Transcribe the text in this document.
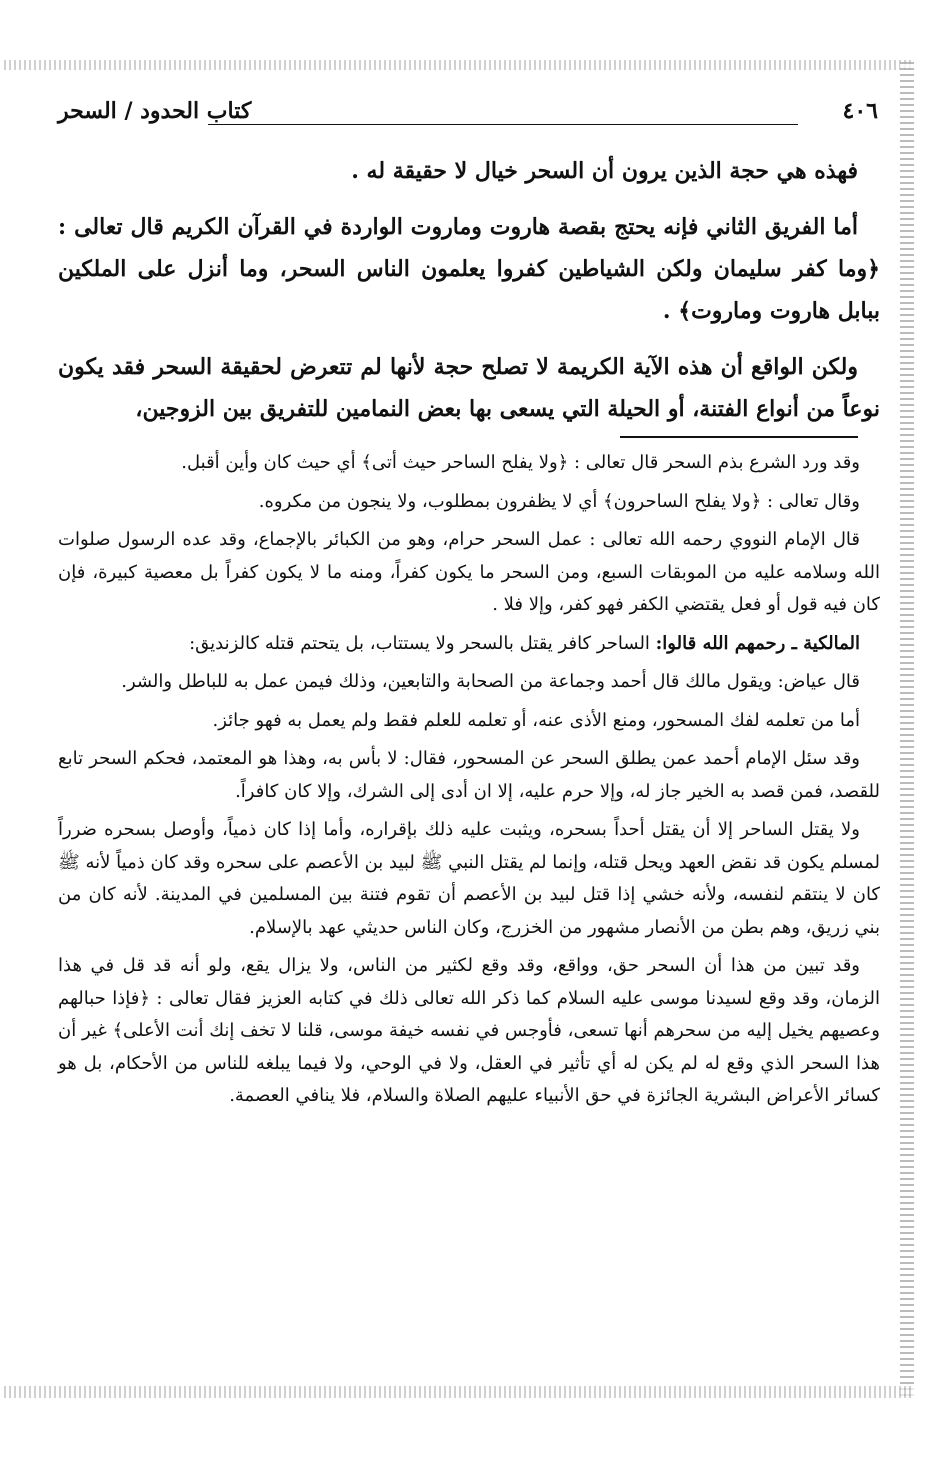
٤٠٦
كتاب الحدود / السحر

فهذه هي حجة الذين يرون أن السحر خيال لا حقيقة له .

أما الفريق الثاني فإنه يحتج بقصة هاروت وماروت الواردة في القرآن الكريم قال تعالى : ﴿وما كفر سليمان ولكن الشياطين كفروا يعلمون الناس السحر، وما أنزل على الملكين ببابل هاروت وماروت﴾ .

ولكن الواقع أن هذه الآية الكريمة لا تصلح حجة لأنها لم تتعرض لحقيقة السحر فقد يكون نوعاً من أنواع الفتنة، أو الحيلة التي يسعى بها بعض النمامين للتفريق بين الزوجين،

وقد ورد الشرع بذم السحر قال تعالى : ﴿ولا يفلح الساحر حيث أتى﴾ أي حيث كان وأين أقبل.

وقال تعالى : ﴿ولا يفلح الساحرون﴾ أي لا يظفرون بمطلوب، ولا ينجون من مكروه.

قال الإمام النووي رحمه الله تعالى : عمل السحر حرام، وهو من الكبائر بالإجماع، وقد عده الرسول صلوات الله وسلامه عليه من الموبقات السبع، ومن السحر ما يكون كفراً، ومنه ما لا يكون كفراً بل معصية كبيرة، فإن كان فيه قول أو فعل يقتضي الكفر فهو كفر، وإلا فلا .

المالكية ـ رحمهم الله قالوا: الساحر كافر يقتل بالسحر ولا يستتاب، بل يتحتم قتله كالزنديق:

قال عياض: ويقول مالك قال أحمد وجماعة من الصحابة والتابعين، وذلك فيمن عمل به للباطل والشر.

أما من تعلمه لفك المسحور، ومنع الأذى عنه، أو تعلمه للعلم فقط ولم يعمل به فهو جائز.

وقد سئل الإمام أحمد عمن يطلق السحر عن المسحور، فقال: لا بأس به، وهذا هو المعتمد، فحكم السحر تابع للقصد، فمن قصد به الخير جاز له، وإلا حرم عليه، إلا ان أدى إلى الشرك، وإلا كان كافراً.

ولا يقتل الساحر إلا أن يقتل أحداً بسحره، ويثبت عليه ذلك بإقراره، وأما إذا كان ذمياً، وأوصل بسحره ضرراً لمسلم يكون قد نقض العهد ويحل قتله، وإنما لم يقتل النبي ﷺ لبيد بن الأعصم على سحره وقد كان ذمياً لأنه ﷺ كان لا ينتقم لنفسه، ولأنه خشي إذا قتل لبيد بن الأعصم أن تقوم فتنة بين المسلمين في المدينة. لأنه كان من بني زريق، وهم بطن من الأنصار مشهور من الخزرج، وكان الناس حديثي عهد بالإسلام.

وقد تبين من هذا أن السحر حق، وواقع، وقد وقع لكثير من الناس، ولا يزال يقع، ولو أنه قد قل في هذا الزمان، وقد وقع لسيدنا موسى عليه السلام كما ذكر الله تعالى ذلك في كتابه العزيز فقال تعالى : ﴿فإذا حبالهم وعصيهم يخيل إليه من سحرهم أنها تسعى، فأوجس في نفسه خيفة موسى، قلنا لا تخف إنك أنت الأعلى﴾ غير أن هذا السحر الذي وقع له لم يكن له أي تأثير في العقل، ولا في الوحي، ولا فيما يبلغه للناس من الأحكام، بل هو كسائر الأعراض البشرية الجائزة في حق الأنبياء عليهم الصلاة والسلام، فلا ينافي العصمة.
